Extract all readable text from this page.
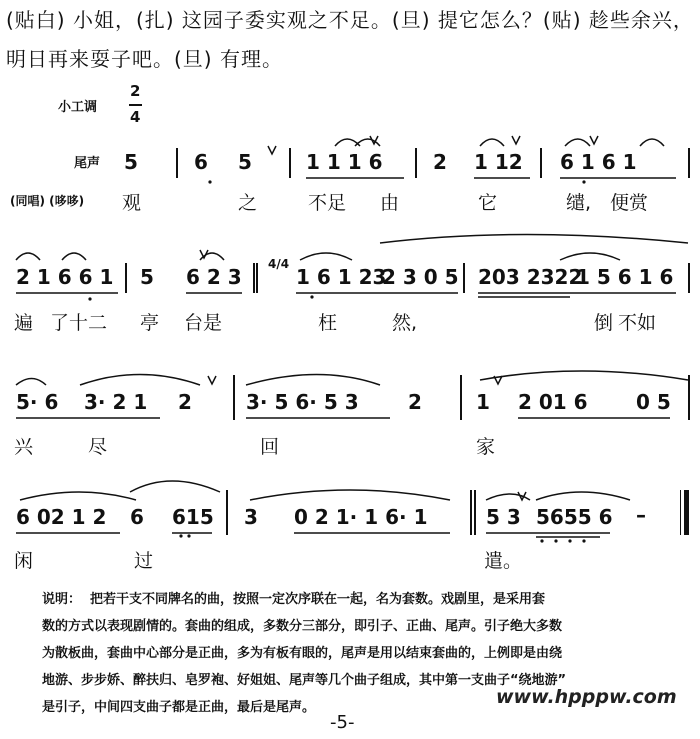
(贴白) 小姐，(扎) 这园子委实观之不足。(旦) 提它怎么？(贴) 趁些余兴，
明日再来耍子吧。(旦) 有理。
小工调
2
4
尾声
(同唱) (哆哆)
5	6 5	1 1 1 6	2 1 12 6 1 6 1
观	之	不足 由	它	缱, 便赏
2 1 6 6 1 5 6 2 3
4/4
1 6 1 23
2 3 0 5 203 2322
1 5 6 1 6
遍 了十二 亭 台是	枉	然,	倒 不如
5· 6 3· 2 1 2	3· 5 6· 5 3 2	1 2 01 6 0 5
兴	尽	回	家
6 02 1 2 6 615 3 0 2 1· 1 6· 1	5 3 5655 6 –
闲	过	遣。
说明： 把若干支不同牌名的曲，按照一定次序联在一起，名为套数。戏剧里，是采用套
数的方式以表现剧情的。套曲的组成，多数分三部分，即引子、正曲、尾声。引子绝大多数
为散板曲，套曲中心部分是正曲，多为有板有眼的，尾声是用以结束套曲的，上例即是由绕
地游、步步娇、醉扶归、皂罗袍、好姐姐、尾声等几个曲子组成，其中第一支曲子“绕地游”
是引子，中间四支曲子都是正曲，最后是尾声。	www.hpppw.com
-5-
